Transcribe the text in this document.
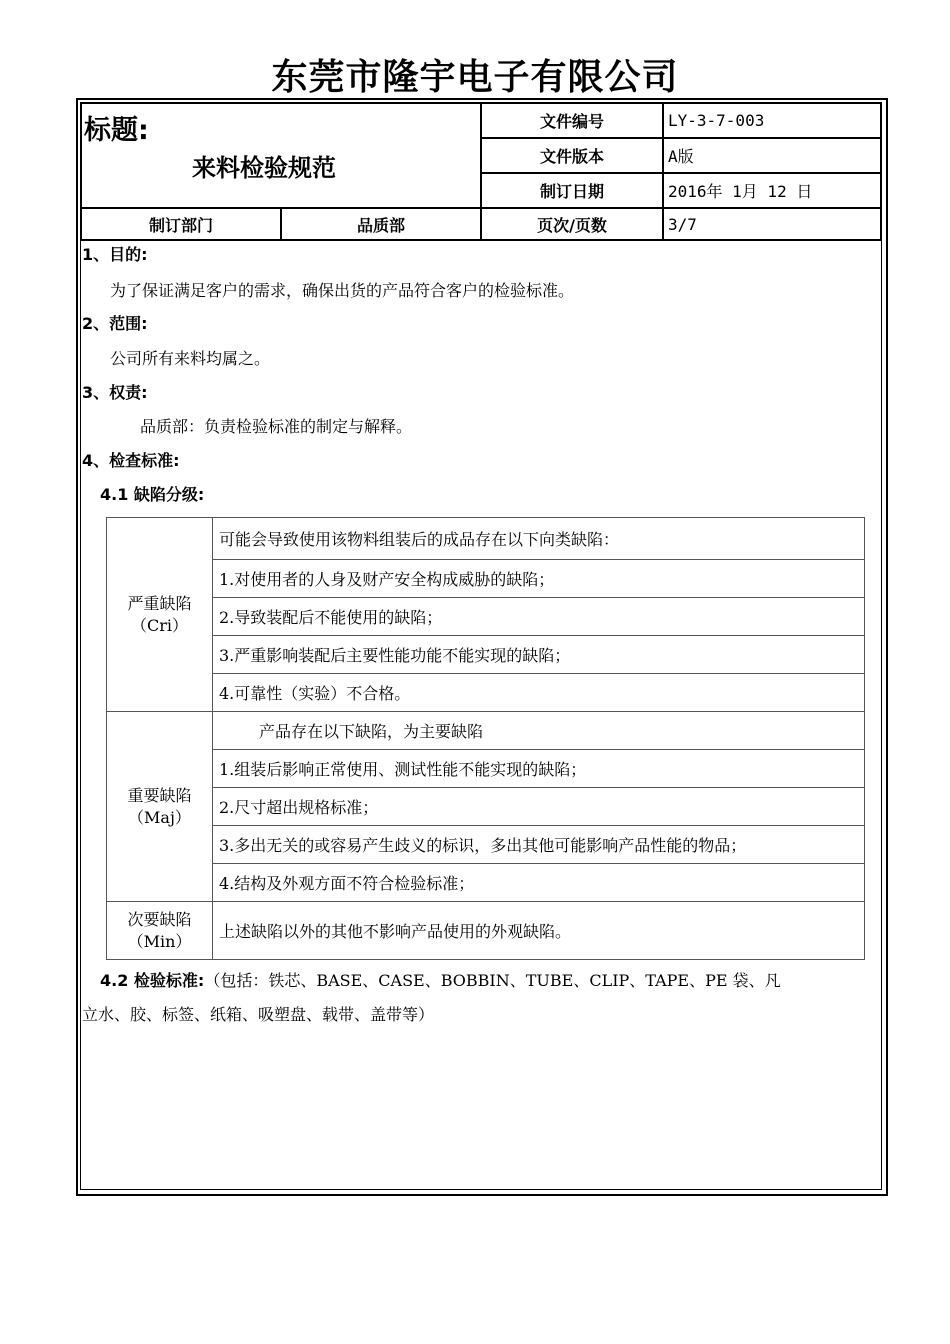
东莞市隆宇电子有限公司
标题:
来料检验规范		文件编号	LY-3-7-003
		文件版本	A版
		制订日期	2016年 1月 12 日
制订部门	品质部	页次/页数	3/7
1、目的:
为了保证满足客户的需求，确保出货的产品符合客户的检验标准。
2、范围:
公司所有来料均属之。
3、权责:
品质部：负责检验标准的制定与解释。
4、检查标准:
4.1 缺陷分级:
严重缺陷
（Cri）	可能会导致使用该物料组装后的成品存在以下向类缺陷：
	1.对使用者的人身及财产安全构成威胁的缺陷；
	2.导致装配后不能使用的缺陷；
	3.严重影响装配后主要性能功能不能实现的缺陷；
	4.可靠性（实验）不合格。

重要缺陷
（Maj）	产品存在以下缺陷，为主要缺陷
	1.组装后影响正常使用、测试性能不能实现的缺陷；
	2.尺寸超出规格标准；
	3.多出无关的或容易产生歧义的标识，多出其他可能影响产品性能的物品；
	4.结构及外观方面不符合检验标准；

次要缺陷
（Min）	上述缺陷以外的其他不影响产品使用的外观缺陷。
4.2 检验标准:（包括：铁芯、BASE、CASE、BOBBIN、TUBE、CLIP、TAPE、PE 袋、凡
立水、胶、标签、纸箱、吸塑盘、载带、盖带等）
